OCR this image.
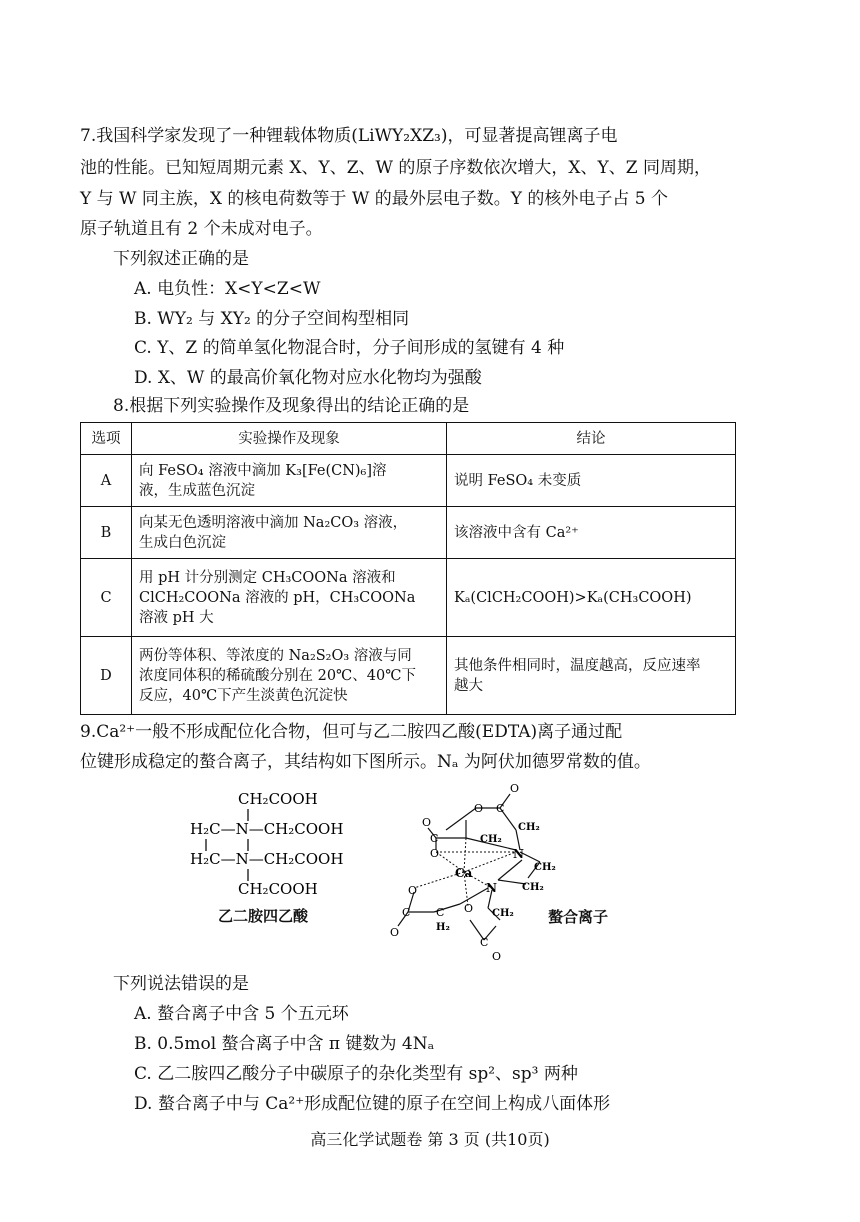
7.我国科学家发现了一种锂载体物质(LiWY₂XZ₃)，可显著提高锂离子电
池的性能。已知短周期元素 X、Y、Z、W 的原子序数依次增大，X、Y、Z 同周期，
Y 与 W 同主族，X 的核电荷数等于 W 的最外层电子数。Y 的核外电子占 5 个
原子轨道且有 2 个未成对电子。
下列叙述正确的是
A. 电负性：X<Y<Z<W
B. WY₂ 与 XY₂ 的分子空间构型相同
C. Y、Z 的简单氢化物混合时，分子间形成的氢键有 4 种
D. X、W 的最高价氧化物对应水化物均为强酸
8.根据下列实验操作及现象得出的结论正确的是
选项	实验操作及现象	结论
A	向 FeSO₄ 溶液中滴加 K₃[Fe(CN)₆]溶
液，生成蓝色沉淀	说明 FeSO₄ 未变质
B	向某无色透明溶液中滴加 Na₂CO₃ 溶液，
生成白色沉淀	该溶液中含有 Ca²⁺
C	用 pH 计分别测定 CH₃COONa 溶液和
ClCH₂COONa 溶液的 pH，CH₃COONa
溶液 pH 大	Kₐ(ClCH₂COOH)>Kₐ(CH₃COOH)
D	两份等体积、等浓度的 Na₂S₂O₃ 溶液与同
浓度同体积的稀硫酸分别在 20℃、40℃下
反应，40℃下产生淡黄色沉淀快	其他条件相同时，温度越高，反应速率
越大
9.Ca²⁺一般不形成配位化合物，但可与乙二胺四乙酸(EDTA)离子通过配
位键形成稳定的螯合离子，其结构如下图所示。Nₐ 为阿伏加德罗常数的值。
CH₂COOH
H₂C—N—CH₂COOH
H₂C—N—CH₂COOH
CH₂COOH
乙二胺四乙酸
Ca
N
N
O
O
O
O
O
O
O
O
C
C
C C
C
CH₂
CH₂
CH₂
CH₂
CH₂
H₂
螯合离子
下列说法错误的是
A. 螯合离子中含 5 个五元环
B. 0.5mol 螯合离子中含 π 键数为 4Nₐ
C. 乙二胺四乙酸分子中碳原子的杂化类型有 sp²、sp³ 两种
D. 螯合离子中与 Ca²⁺形成配位键的原子在空间上构成八面体形
高三化学试题卷 第 3 页 (共10页)
